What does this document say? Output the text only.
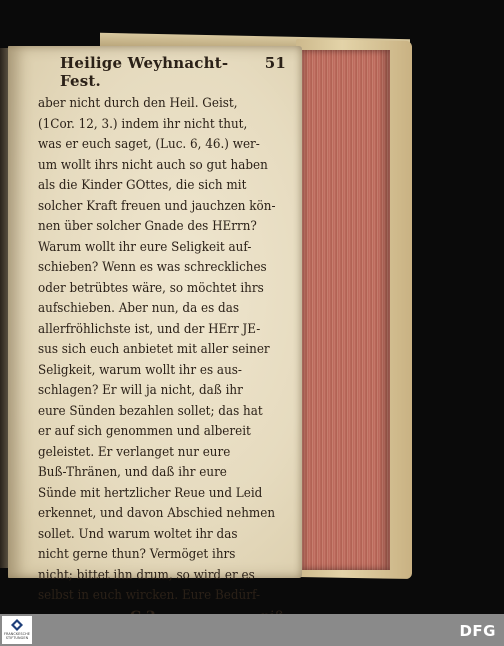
Heilige Weyhnacht-Fest.
51
aber nicht durch den Heil. Geist,
(1Cor. 12, 3.) indem ihr nicht thut,
was er euch saget, (Luc. 6, 46.) wer-
um wollt ihrs nicht auch so gut haben
als die Kinder GOttes, die sich mit
solcher Kraft freuen und jauchzen kön-
nen über solcher Gnade des HErrn?
Warum wollt ihr eure Seligkeit auf-
schieben? Wenn es was schreckliches
oder betrübtes wäre, so möchtet ihrs
aufschieben. Aber nun, da es das
allerfröhlichste ist, und der HErr JE-
sus sich euch anbietet mit aller seiner
Seligkeit, warum wollt ihr es aus-
schlagen? Er will ja nicht, daß ihr
eure Sünden bezahlen sollet; das hat
er auf sich genommen und albereit
geleistet. Er verlanget nur eure
Buß-Thränen, und daß ihr eure
Sünde mit hertzlicher Reue und Leid
erkennet, und davon Abschied nehmen
sollet. Und warum woltet ihr das
nicht gerne thun? Vermöget ihrs
nicht; bittet ihn drum, so wird er es
selbst in euch wircken. Eure Bedürf-
FRANCKESCHE STIFTUNGEN	DFG
